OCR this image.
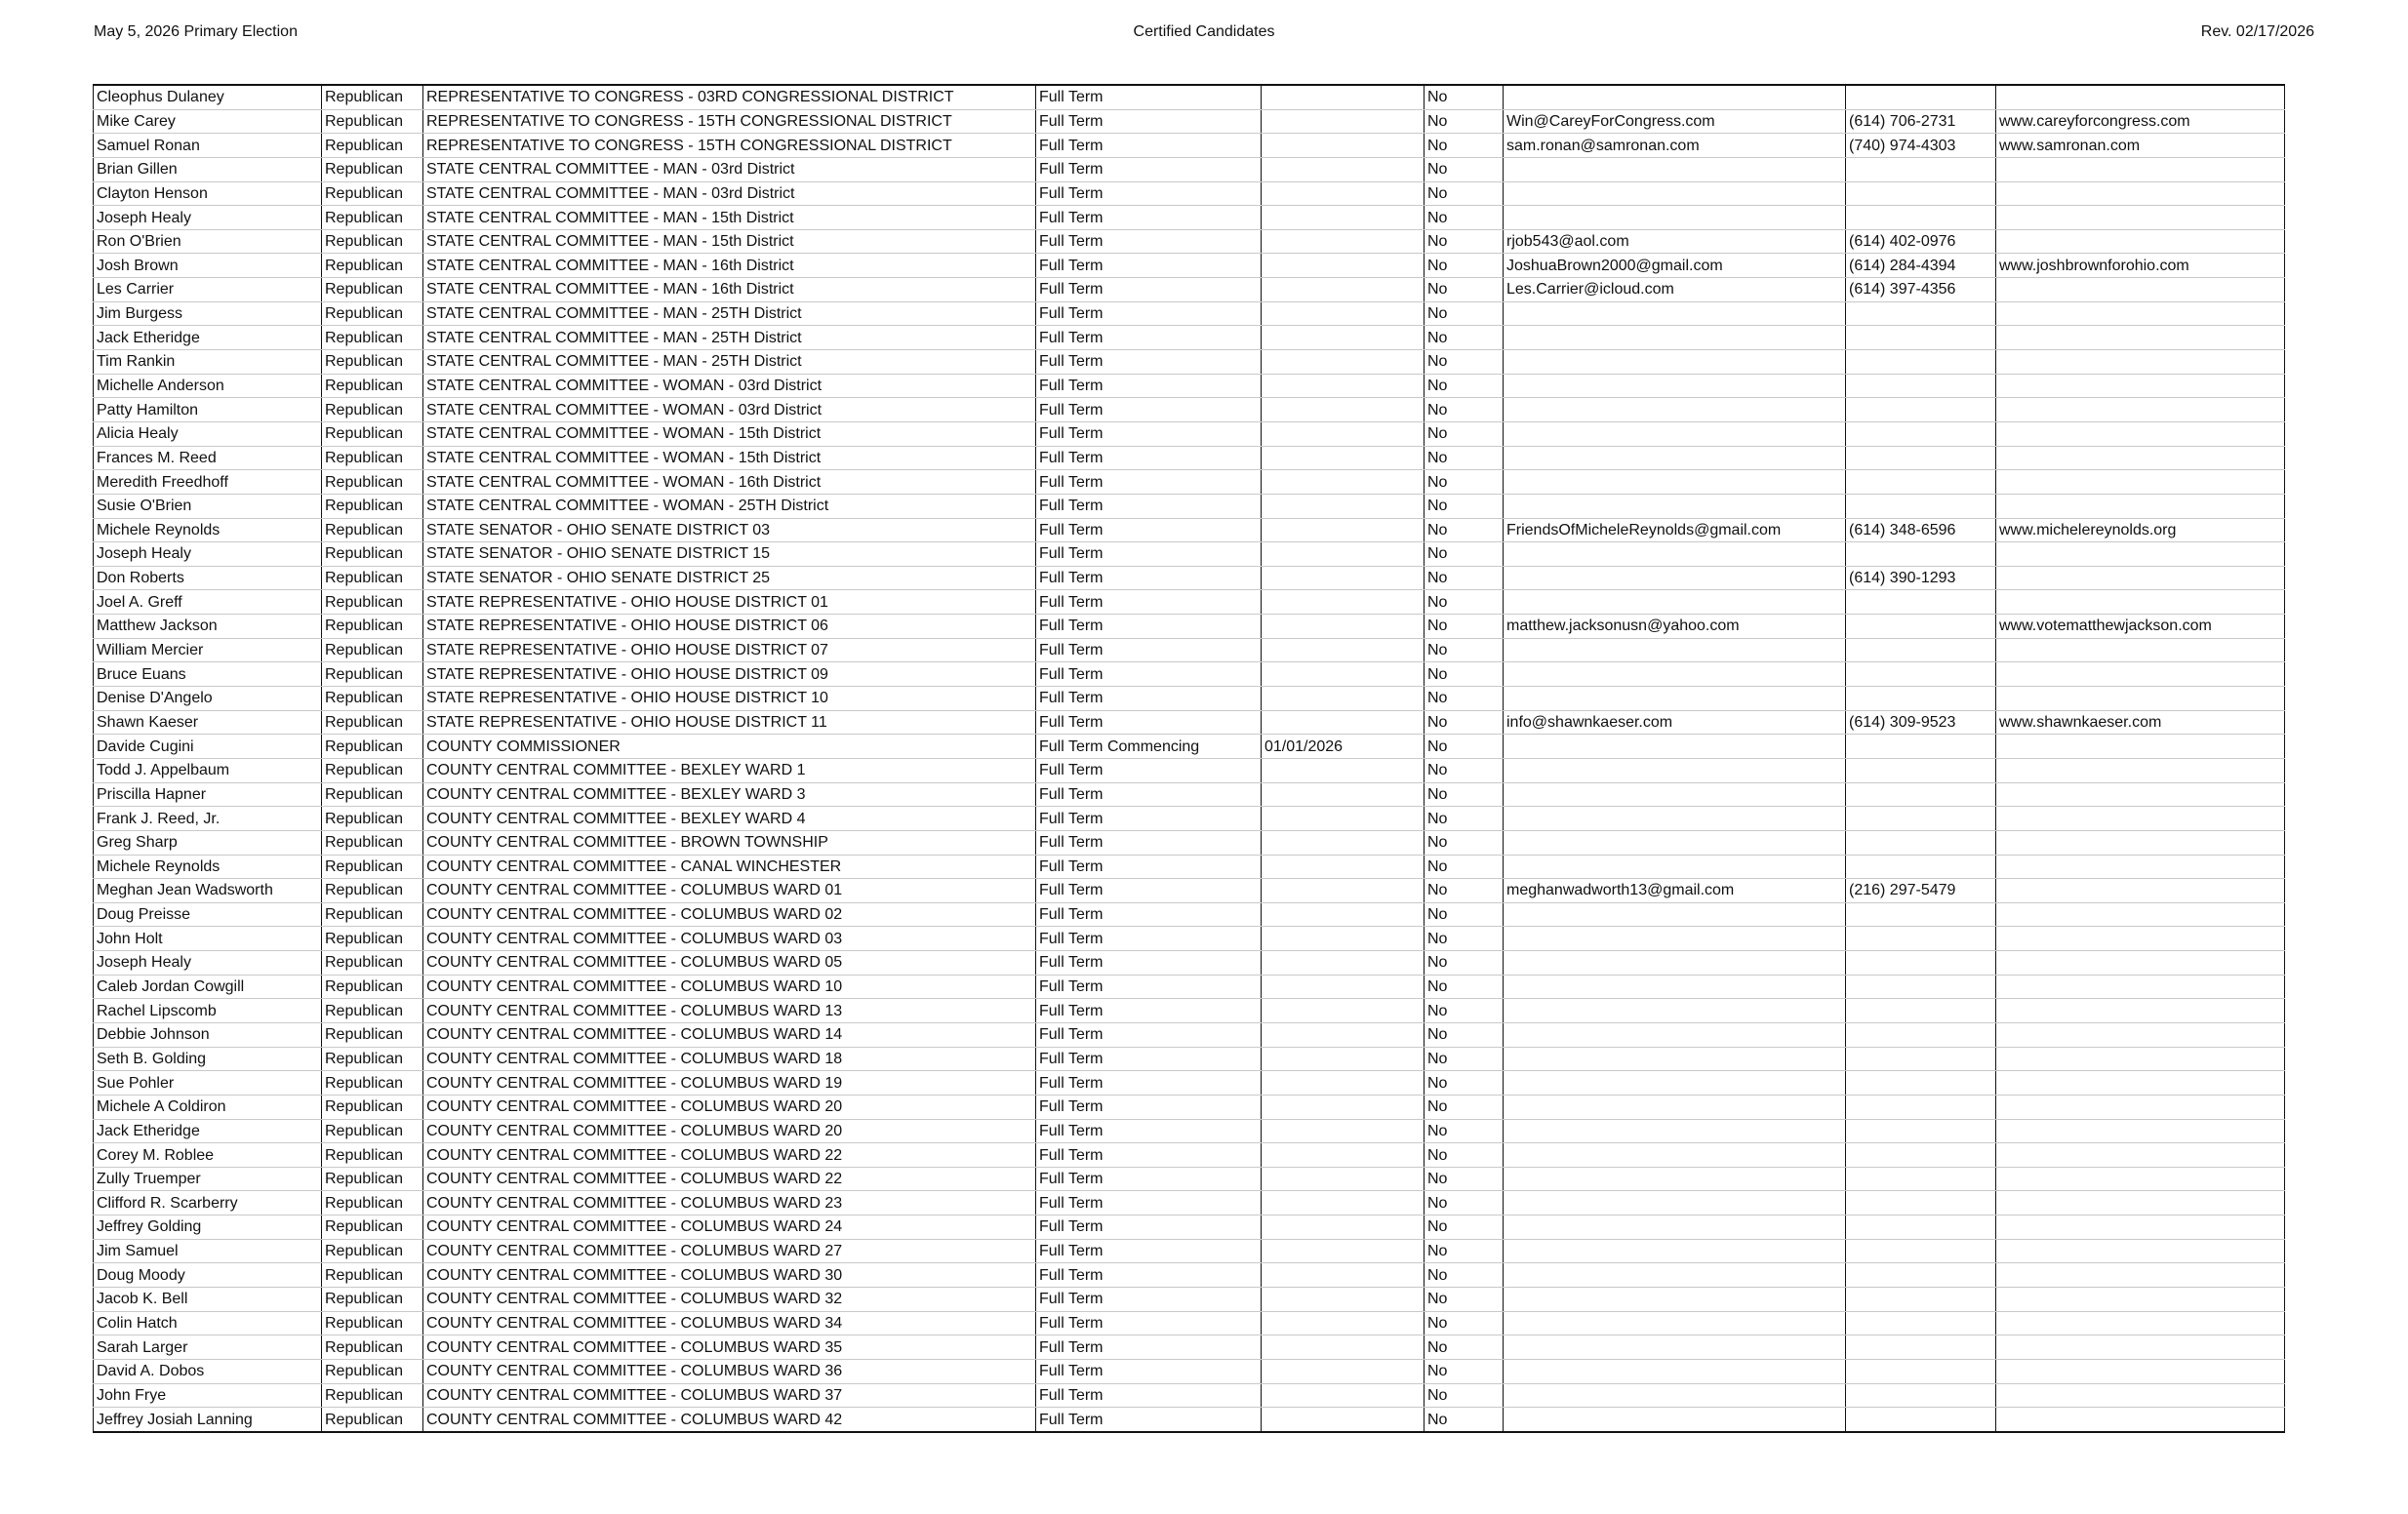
May 5, 2026 Primary Election	Certified Candidates	Rev. 02/17/2026
Cleophus Dulaney	Republican	REPRESENTATIVE TO CONGRESS - 03RD CONGRESSIONAL DISTRICT	Full Term		No			
Mike Carey	Republican	REPRESENTATIVE TO CONGRESS - 15TH CONGRESSIONAL DISTRICT	Full Term		No	Win@CareyForCongress.com	(614) 706-2731	www.careyforcongress.com
Samuel Ronan	Republican	REPRESENTATIVE TO CONGRESS - 15TH CONGRESSIONAL DISTRICT	Full Term		No	sam.ronan@samronan.com	(740) 974-4303	www.samronan.com
Brian Gillen	Republican	STATE CENTRAL COMMITTEE - MAN - 03rd District	Full Term		No			
Clayton Henson	Republican	STATE CENTRAL COMMITTEE - MAN - 03rd District	Full Term		No			
Joseph Healy	Republican	STATE CENTRAL COMMITTEE - MAN - 15th District	Full Term		No			
Ron O'Brien	Republican	STATE CENTRAL COMMITTEE - MAN - 15th District	Full Term		No	rjob543@aol.com	(614) 402-0976	
Josh Brown	Republican	STATE CENTRAL COMMITTEE - MAN - 16th District	Full Term		No	JoshuaBrown2000@gmail.com	(614) 284-4394	www.joshbrownforohio.com
Les Carrier	Republican	STATE CENTRAL COMMITTEE - MAN - 16th District	Full Term		No	Les.Carrier@icloud.com	(614) 397-4356	
Jim Burgess	Republican	STATE CENTRAL COMMITTEE - MAN - 25TH District	Full Term		No			
Jack Etheridge	Republican	STATE CENTRAL COMMITTEE - MAN - 25TH District	Full Term		No			
Tim Rankin	Republican	STATE CENTRAL COMMITTEE - MAN - 25TH District	Full Term		No			
Michelle Anderson	Republican	STATE CENTRAL COMMITTEE - WOMAN - 03rd District	Full Term		No			
Patty Hamilton	Republican	STATE CENTRAL COMMITTEE - WOMAN - 03rd District	Full Term		No			
Alicia Healy	Republican	STATE CENTRAL COMMITTEE - WOMAN - 15th District	Full Term		No			
Frances M. Reed	Republican	STATE CENTRAL COMMITTEE - WOMAN - 15th District	Full Term		No			
Meredith Freedhoff	Republican	STATE CENTRAL COMMITTEE - WOMAN - 16th District	Full Term		No			
Susie O'Brien	Republican	STATE CENTRAL COMMITTEE - WOMAN - 25TH District	Full Term		No			
Michele Reynolds	Republican	STATE SENATOR - OHIO SENATE DISTRICT 03	Full Term		No	FriendsOfMicheleReynolds@gmail.com	(614) 348-6596	www.michelereynolds.org
Joseph Healy	Republican	STATE SENATOR - OHIO SENATE DISTRICT 15	Full Term		No			
Don Roberts	Republican	STATE SENATOR - OHIO SENATE DISTRICT 25	Full Term		No		(614) 390-1293	
Joel A. Greff	Republican	STATE REPRESENTATIVE - OHIO HOUSE DISTRICT 01	Full Term		No			
Matthew Jackson	Republican	STATE REPRESENTATIVE - OHIO HOUSE DISTRICT 06	Full Term		No	matthew.jacksonusn@yahoo.com		www.votematthewjackson.com
William Mercier	Republican	STATE REPRESENTATIVE - OHIO HOUSE DISTRICT 07	Full Term		No			
Bruce Euans	Republican	STATE REPRESENTATIVE - OHIO HOUSE DISTRICT 09	Full Term		No			
Denise D'Angelo	Republican	STATE REPRESENTATIVE - OHIO HOUSE DISTRICT 10	Full Term		No			
Shawn Kaeser	Republican	STATE REPRESENTATIVE - OHIO HOUSE DISTRICT 11	Full Term		No	info@shawnkaeser.com	(614) 309-9523	www.shawnkaeser.com
Davide Cugini	Republican	COUNTY COMMISSIONER	Full Term Commencing	01/01/2026	No			
Todd J. Appelbaum	Republican	COUNTY CENTRAL COMMITTEE - BEXLEY WARD 1	Full Term		No			
Priscilla Hapner	Republican	COUNTY CENTRAL COMMITTEE - BEXLEY WARD 3	Full Term		No			
Frank J. Reed, Jr.	Republican	COUNTY CENTRAL COMMITTEE - BEXLEY WARD 4	Full Term		No			
Greg Sharp	Republican	COUNTY CENTRAL COMMITTEE - BROWN TOWNSHIP	Full Term		No			
Michele Reynolds	Republican	COUNTY CENTRAL COMMITTEE - CANAL WINCHESTER	Full Term		No			
Meghan Jean Wadsworth	Republican	COUNTY CENTRAL COMMITTEE - COLUMBUS WARD 01	Full Term		No	meghanwadworth13@gmail.com	(216) 297-5479	
Doug Preisse	Republican	COUNTY CENTRAL COMMITTEE - COLUMBUS WARD 02	Full Term		No			
John Holt	Republican	COUNTY CENTRAL COMMITTEE - COLUMBUS WARD 03	Full Term		No			
Joseph Healy	Republican	COUNTY CENTRAL COMMITTEE - COLUMBUS WARD 05	Full Term		No			
Caleb Jordan Cowgill	Republican	COUNTY CENTRAL COMMITTEE - COLUMBUS WARD 10	Full Term		No			
Rachel Lipscomb	Republican	COUNTY CENTRAL COMMITTEE - COLUMBUS WARD 13	Full Term		No			
Debbie Johnson	Republican	COUNTY CENTRAL COMMITTEE - COLUMBUS WARD 14	Full Term		No			
Seth B. Golding	Republican	COUNTY CENTRAL COMMITTEE - COLUMBUS WARD 18	Full Term		No			
Sue Pohler	Republican	COUNTY CENTRAL COMMITTEE - COLUMBUS WARD 19	Full Term		No			
Michele A Coldiron	Republican	COUNTY CENTRAL COMMITTEE - COLUMBUS WARD 20	Full Term		No			
Jack Etheridge	Republican	COUNTY CENTRAL COMMITTEE - COLUMBUS WARD 20	Full Term		No			
Corey M. Roblee	Republican	COUNTY CENTRAL COMMITTEE - COLUMBUS WARD 22	Full Term		No			
Zully Truemper	Republican	COUNTY CENTRAL COMMITTEE - COLUMBUS WARD 22	Full Term		No			
Clifford R. Scarberry	Republican	COUNTY CENTRAL COMMITTEE - COLUMBUS WARD 23	Full Term		No			
Jeffrey Golding	Republican	COUNTY CENTRAL COMMITTEE - COLUMBUS WARD 24	Full Term		No			
Jim Samuel	Republican	COUNTY CENTRAL COMMITTEE - COLUMBUS WARD 27	Full Term		No			
Doug Moody	Republican	COUNTY CENTRAL COMMITTEE - COLUMBUS WARD 30	Full Term		No			
Jacob K. Bell	Republican	COUNTY CENTRAL COMMITTEE - COLUMBUS WARD 32	Full Term		No			
Colin Hatch	Republican	COUNTY CENTRAL COMMITTEE - COLUMBUS WARD 34	Full Term		No			
Sarah Larger	Republican	COUNTY CENTRAL COMMITTEE - COLUMBUS WARD 35	Full Term		No			
David A. Dobos	Republican	COUNTY CENTRAL COMMITTEE - COLUMBUS WARD 36	Full Term		No			
John Frye	Republican	COUNTY CENTRAL COMMITTEE - COLUMBUS WARD 37	Full Term		No			
Jeffrey Josiah Lanning	Republican	COUNTY CENTRAL COMMITTEE - COLUMBUS WARD 42	Full Term		No			
